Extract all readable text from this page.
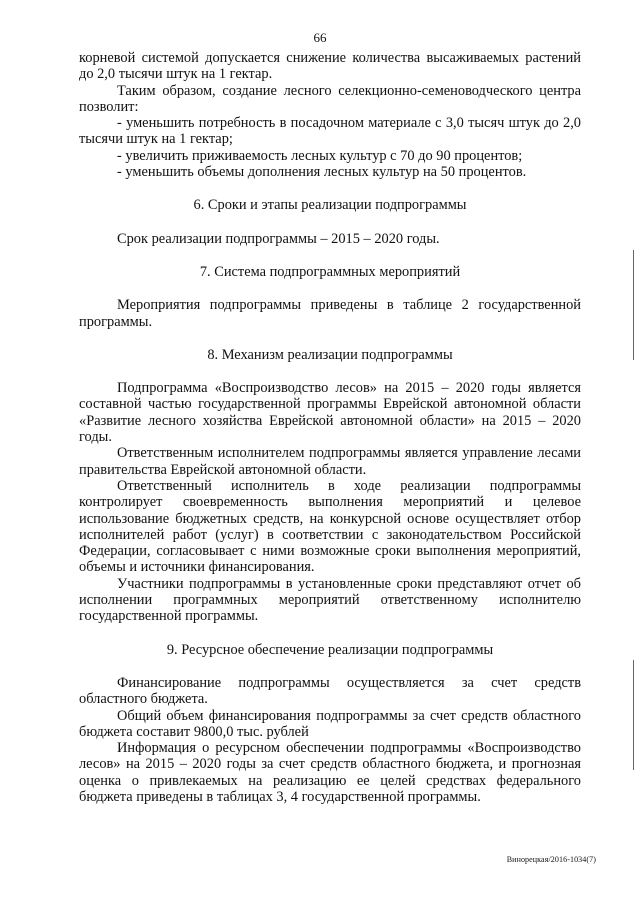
66

корневой системой допускается снижение количества высаживаемых растений до 2,0 тысячи штук на 1 гектар.

Таким образом, создание лесного селекционно-семеноводческого центра позволит:

- уменьшить потребность в посадочном материале с 3,0 тысяч штук до 2,0 тысячи штук на 1 гектар;

- увеличить приживаемость лесных культур с 70 до 90 процентов;

- уменьшить объемы дополнения лесных культур на 50 процентов.

6. Сроки и этапы реализации подпрограммы

Срок реализации подпрограммы – 2015 – 2020 годы.

7. Система подпрограммных мероприятий

Мероприятия подпрограммы приведены в таблице 2 государственной программы.

8. Механизм реализации подпрограммы

Подпрограмма «Воспроизводство лесов» на 2015 – 2020 годы является составной частью государственной программы Еврейской автономной области «Развитие лесного хозяйства Еврейской автономной области» на 2015 – 2020 годы.

Ответственным исполнителем подпрограммы является управление лесами правительства Еврейской автономной области.

Ответственный исполнитель в ходе реализации подпрограммы контролирует своевременность выполнения мероприятий и целевое использование бюджетных средств, на конкурсной основе осуществляет отбор исполнителей работ (услуг) в соответствии с законодательством Российской Федерации, согласовывает с ними возможные сроки выполнения мероприятий, объемы и источники финансирования.

Участники подпрограммы в установленные сроки представляют отчет об исполнении программных мероприятий ответственному исполнителю государственной программы.

9. Ресурсное обеспечение реализации подпрограммы

Финансирование подпрограммы осуществляется за счет средств областного бюджета.

Общий объем финансирования подпрограммы за счет средств областного бюджета составит 9800,0 тыс. рублей

Информация о ресурсном обеспечении подпрограммы «Воспроизводство лесов» на 2015 – 2020 годы за счет средств областного бюджета, и прогнозная оценка о привлекаемых на реализацию ее целей средствах федерального бюджета приведены в таблицах 3, 4 государственной программы.

Винорецкая/2016-1034(7)
